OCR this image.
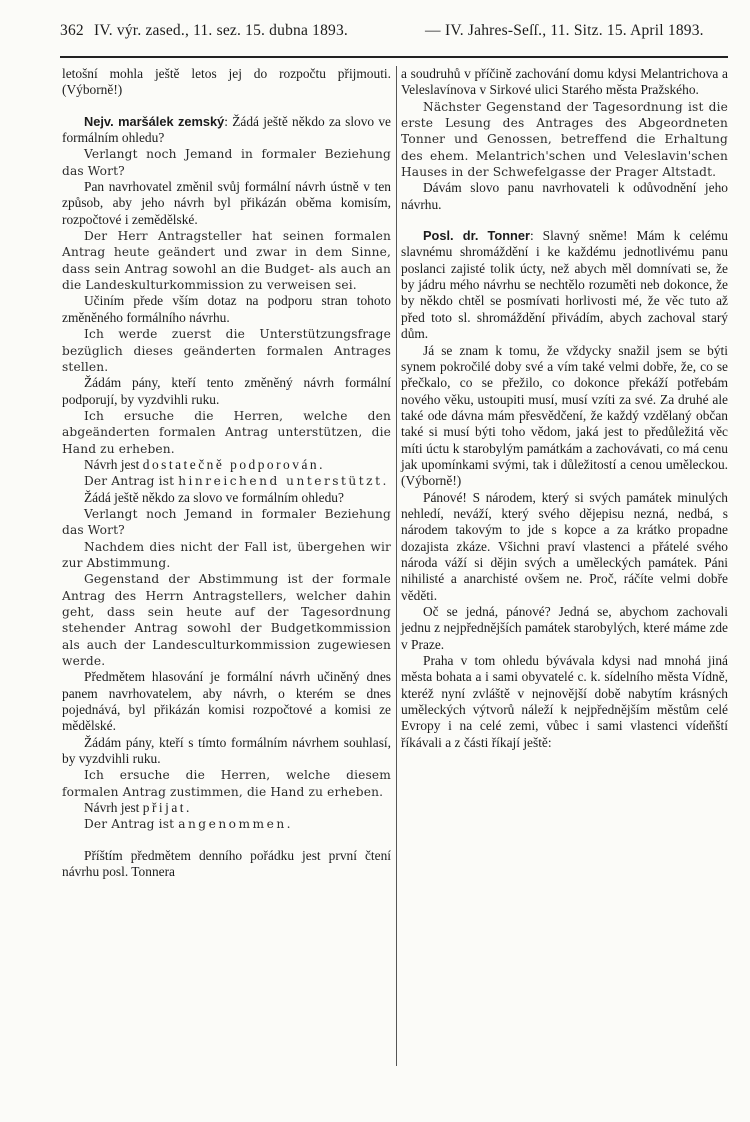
362 IV. výr. zased., 11. sez. 15. dubna 1893.	— IV. Jahres-Seſſ., 11. Sitz. 15. April 1893.

letošní mohla ještě letos jej do rozpočtu přijmouti. (Výborně!)

Nejv. maršálek zemský: Žádá ještě někdo za slovo ve formálním ohledu?

Verlangt noch Jemand in formaler Beziehung das Wort?

Pan navrhovatel změnil svůj formální návrh ústně v ten způsob, aby jeho návrh byl přikázán oběma komisím, rozpočtové i zemědělské.

Der Herr Antragsteller hat seinen formalen Antrag heute geändert und zwar in dem Sinne, dass sein Antrag sowohl an die Budget- als auch an die Landeskulturkommission zu verweisen sei.

Učiním přede vším dotaz na podporu stran tohoto změněného formálního návrhu.

Ich werde zuerst die Unterstützungsfrage bezüglich dieses geänderten formalen Antrages stellen.

Žádám pány, kteří tento změněný návrh formální podporují, by vyzdvihli ruku.

Ich ersuche die Herren, welche den abgeänderten formalen Antrag unterstützen, die Hand zu erheben.

Návrh jest dostatečně podporován.

Der Antrag ist hinreichend unterstützt.

Žádá ještě někdo za slovo ve formálním ohledu?

Verlangt noch Jemand in formaler Beziehung das Wort?

Nachdem dies nicht der Fall ist, übergehen wir zur Abstimmung.

Gegenstand der Abstimmung ist der formale Antrag des Herrn Antragstellers, welcher dahin geht, dass sein heute auf der Tagesordnung stehender Antrag sowohl der Budgetkommission als auch der Landesculturkommission zugewiesen werde.

Předmětem hlasování je formální návrh učiněný dnes panem navrhovatelem, aby návrh, o kterém se dnes pojednává, byl přikázán komisi rozpočtové a komisi ze mědělské.

Žádám pány, kteří s tímto formálním návrhem souhlasí, by vyzdvihli ruku.

Ich ersuche die Herren, welche diesem formalen Antrag zustimmen, die Hand zu erheben.

Návrh jest přijat.

Der Antrag ist angenommen.

Příštím předmětem denního pořádku jest první čtení návrhu posl. Tonnera

a soudruhů v příčině zachování domu kdysi Melantrichova a Veleslavínova v Sirkové ulici Starého města Pražského.

Nächster Gegenstand der Tagesordnung ist die erste Lesung des Antrages des Abgeordneten Tonner und Genossen, betreffend die Erhaltung des ehem. Melantrich'schen und Veleslavin'schen Hauses in der Schwefelgasse der Prager Altstadt.

Dávám slovo panu navrhovateli k odůvodnění jeho návrhu.

Posl. dr. Tonner: Slavný sněme! Mám k celému slavnému shromáždění i ke každému jednotlivému panu poslanci zajisté tolik úcty, než abych měl domnívati se, že by jádru mého návrhu se nechtělo rozuměti neb dokonce, že by někdo chtěl se posmívati horlivosti mé, že věc tuto až před toto sl. shromáždění přivádím, abych zachoval starý dům.

Já se znam k tomu, že vždycky snažil jsem se býti synem pokročilé doby své a vím také velmi dobře, že, co se přečkalo, co se přežilo, co dokonce překáží potřebám nového věku, ustoupiti musí, musí vzíti za své. Za druhé ale také ode dávna mám přesvědčení, že každý vzdělaný občan také si musí býti toho vědom, jaká jest to předůležitá věc míti úctu k starobylým památkám a zachovávati, co má cenu jak upomínkami svými, tak i důležitostí a cenou uměleckou. (Výborně!)

Pánové! S národem, který si svých památek minulých nehledí, neváží, který svého dějepisu nezná, nedbá, s národem takovým to jde s kopce a za krátko propadne dozajista zkáze. Všichni praví vlastenci a přátelé svého národa váží si dějin svých a uměleckých památek. Páni nihilisté a anarchisté ovšem ne. Proč, ráčíte velmi dobře věděti.

Oč se jedná, pánové? Jedná se, abychom zachovali jednu z nejpřednějších památek starobylých, které máme zde v Praze.

Praha v tom ohledu bývávala kdysi nad mnohá jiná města bohata a i sami obyvatelé c. k. sídelního města Vídně, kteréž nyní zvláště v nejnovější době nabytím krásných uměleckých výtvorů náleží k nejpřednějším městům celé Evropy i na celé zemi, vůbec i sami vlastenci vídeňští říkávali a z části říkají ještě:
